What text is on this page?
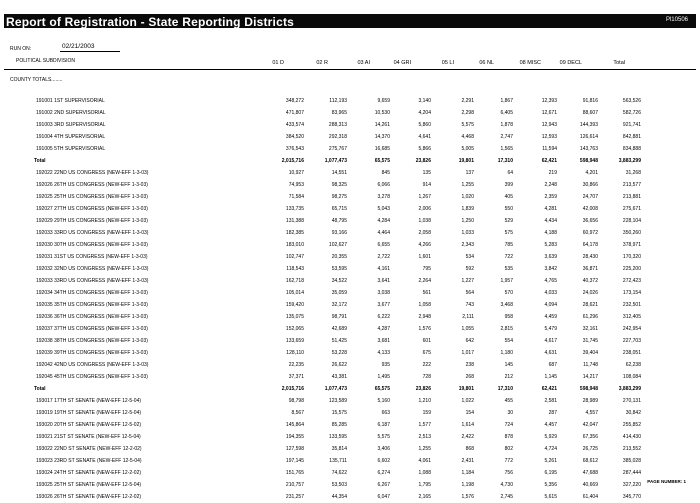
Report of Registration - State Reporting Districts	Pl10506
RUN ON:	02/21/2003
POLITICAL SUBDIVISION	01 D	02 R	03 AI	04 GRI	05 LI	06 NL	08 MISC	09 DECL	Total
COUNTY TOTALS........
191001 1ST SUPERVISORIAL	348,272	112,193	9,659	3,140	2,291	1,867	12,393	91,816	563,526
191002 2ND SUPERVISORIAL	471,807	83,965	10,530	4,204	2,298	6,405	12,671	88,607	582,726
191003 3RD SUPERVISORIAL	433,574	288,313	14,261	5,860	5,575	1,878	12,943	144,393	921,741
191004 4TH SUPERVISORIAL	384,520	292,318	14,370	4,641	4,468	2,747	12,593	126,614	842,881
191005 5TH SUPERVISORIAL	376,543	275,767	16,685	5,866	5,005	1,565	11,594	143,763	834,888
Total	2,015,716	1,077,473	65,575	23,826	19,801	17,310	62,421	598,948	3,883,299
192022 22ND US CONGRESS (NEW-EFF 1-3-03)	10,927	14,551	845	135	137	64	219	4,201	31,268
192026 26TH US CONGRESS (NEW-EFF 1-3-03)	74,953	98,325	6,066	914	1,255	399	2,248	30,866	213,577
192025 25TH US CONGRESS (NEW-EFF 1-3-03)	71,584	98,275	3,278	1,267	1,020	405	2,359	24,707	213,881
192027 27TH US CONGRESS (NEW-EFF 1-3-03)	133,735	65,715	5,043	2,006	1,839	550	4,281	42,008	275,671
192029 29TH US CONGRESS (NEW-EFF 1-3-03)	131,388	48,795	4,284	1,038	1,250	529	4,434	36,656	228,104
192033 33RD US CONGRESS (NEW-EFF 1-3-03)	182,385	93,166	4,464	2,058	1,033	575	4,188	60,972	350,260
192030 30TH US CONGRESS (NEW-EFF 1-3-03)	183,010	102,627	6,655	4,266	2,343	785	5,283	64,178	378,971
192031 31ST US CONGRESS (NEW-EFF 1-3-03)	102,747	20,355	2,722	1,601	534	722	3,639	28,430	170,320
192032 32ND US CONGRESS (NEW-EFF 1-3-03)	118,543	53,595	4,161	795	592	535	3,842	36,871	225,200
192033 33RD US CONGRESS (NEW-EFF 1-3-03)	162,718	34,522	3,641	2,264	1,227	1,957	4,765	40,372	272,423
192034 34TH US CONGRESS (NEW-EFF 1-3-03)	105,014	35,059	3,038	561	564	570	4,033	24,026	173,154
192035 35TH US CONGRESS (NEW-EFF 1-3-03)	159,420	32,172	3,677	1,058	743	3,468	4,094	28,621	232,501
192036 36TH US CONGRESS (NEW-EFF 1-3-03)	135,075	98,791	6,222	2,948	2,111	958	4,459	61,296	312,405
192037 37TH US CONGRESS (NEW-EFF 1-3-03)	152,065	42,689	4,287	1,576	1,055	2,815	5,479	32,161	242,954
192038 38TH US CONGRESS (NEW-EFF 1-3-03)	133,659	51,425	3,681	601	642	554	4,617	31,745	227,703
192039 39TH US CONGRESS (NEW-EFF 1-3-03)	128,110	53,228	4,133	675	1,017	1,180	4,631	39,404	238,051
192042 42ND US CONGRESS (NEW-EFF 1-3-03)	22,235	26,622	935	222	238	145	687	11,748	62,238
192045 45TH US CONGRESS (NEW-EFF 1-3-03)	37,371	43,381	1,495	728	268	212	1,145	14,217	108,084
Total	2,015,716	1,077,473	65,575	23,826	19,801	17,310	62,421	598,948	3,883,299
193017 17TH ST SENATE (NEW-EFF 12-5-04)	98,798	123,589	5,160	1,210	1,022	455	2,581	28,989	270,131
193019 19TH ST SENATE (NEW-EFF 12-5-04)	8,567	15,575	663	159	154	30	287	4,557	30,842
193020 20TH ST SENATE (NEW-EFF 12-5-02)	145,864	85,285	6,187	1,577	1,614	724	4,457	42,047	255,852
193021 21ST ST SENATE (NEW-EFF 12-5-04)	194,355	133,595	5,575	2,513	2,422	878	5,929	67,356	414,430
193022 22ND ST SENATE (NEW-EFF 12-2-02)	127,598	35,814	3,406	1,255	868	802	4,724	26,725	213,552
193023 23RD ST SENATE (NEW-EFF 12-5-04)	197,145	135,711	6,602	4,061	2,431	772	5,261	68,612	385,028
193024 24TH ST SENATE (NEW-EFF 12-2-02)	151,765	74,622	6,274	1,088	1,184	756	6,195	47,688	287,444
193025 25TH ST SENATE (NEW-EFF 12-5-04)	210,757	53,503	6,267	1,795	1,198	4,730	5,356	40,669	327,220
193026 26TH ST SENATE (NEW-EFF 12-2-02)	231,257	44,354	6,047	2,165	1,576	2,745	5,615	61,404	345,770
PAGE NUMBER: 1
